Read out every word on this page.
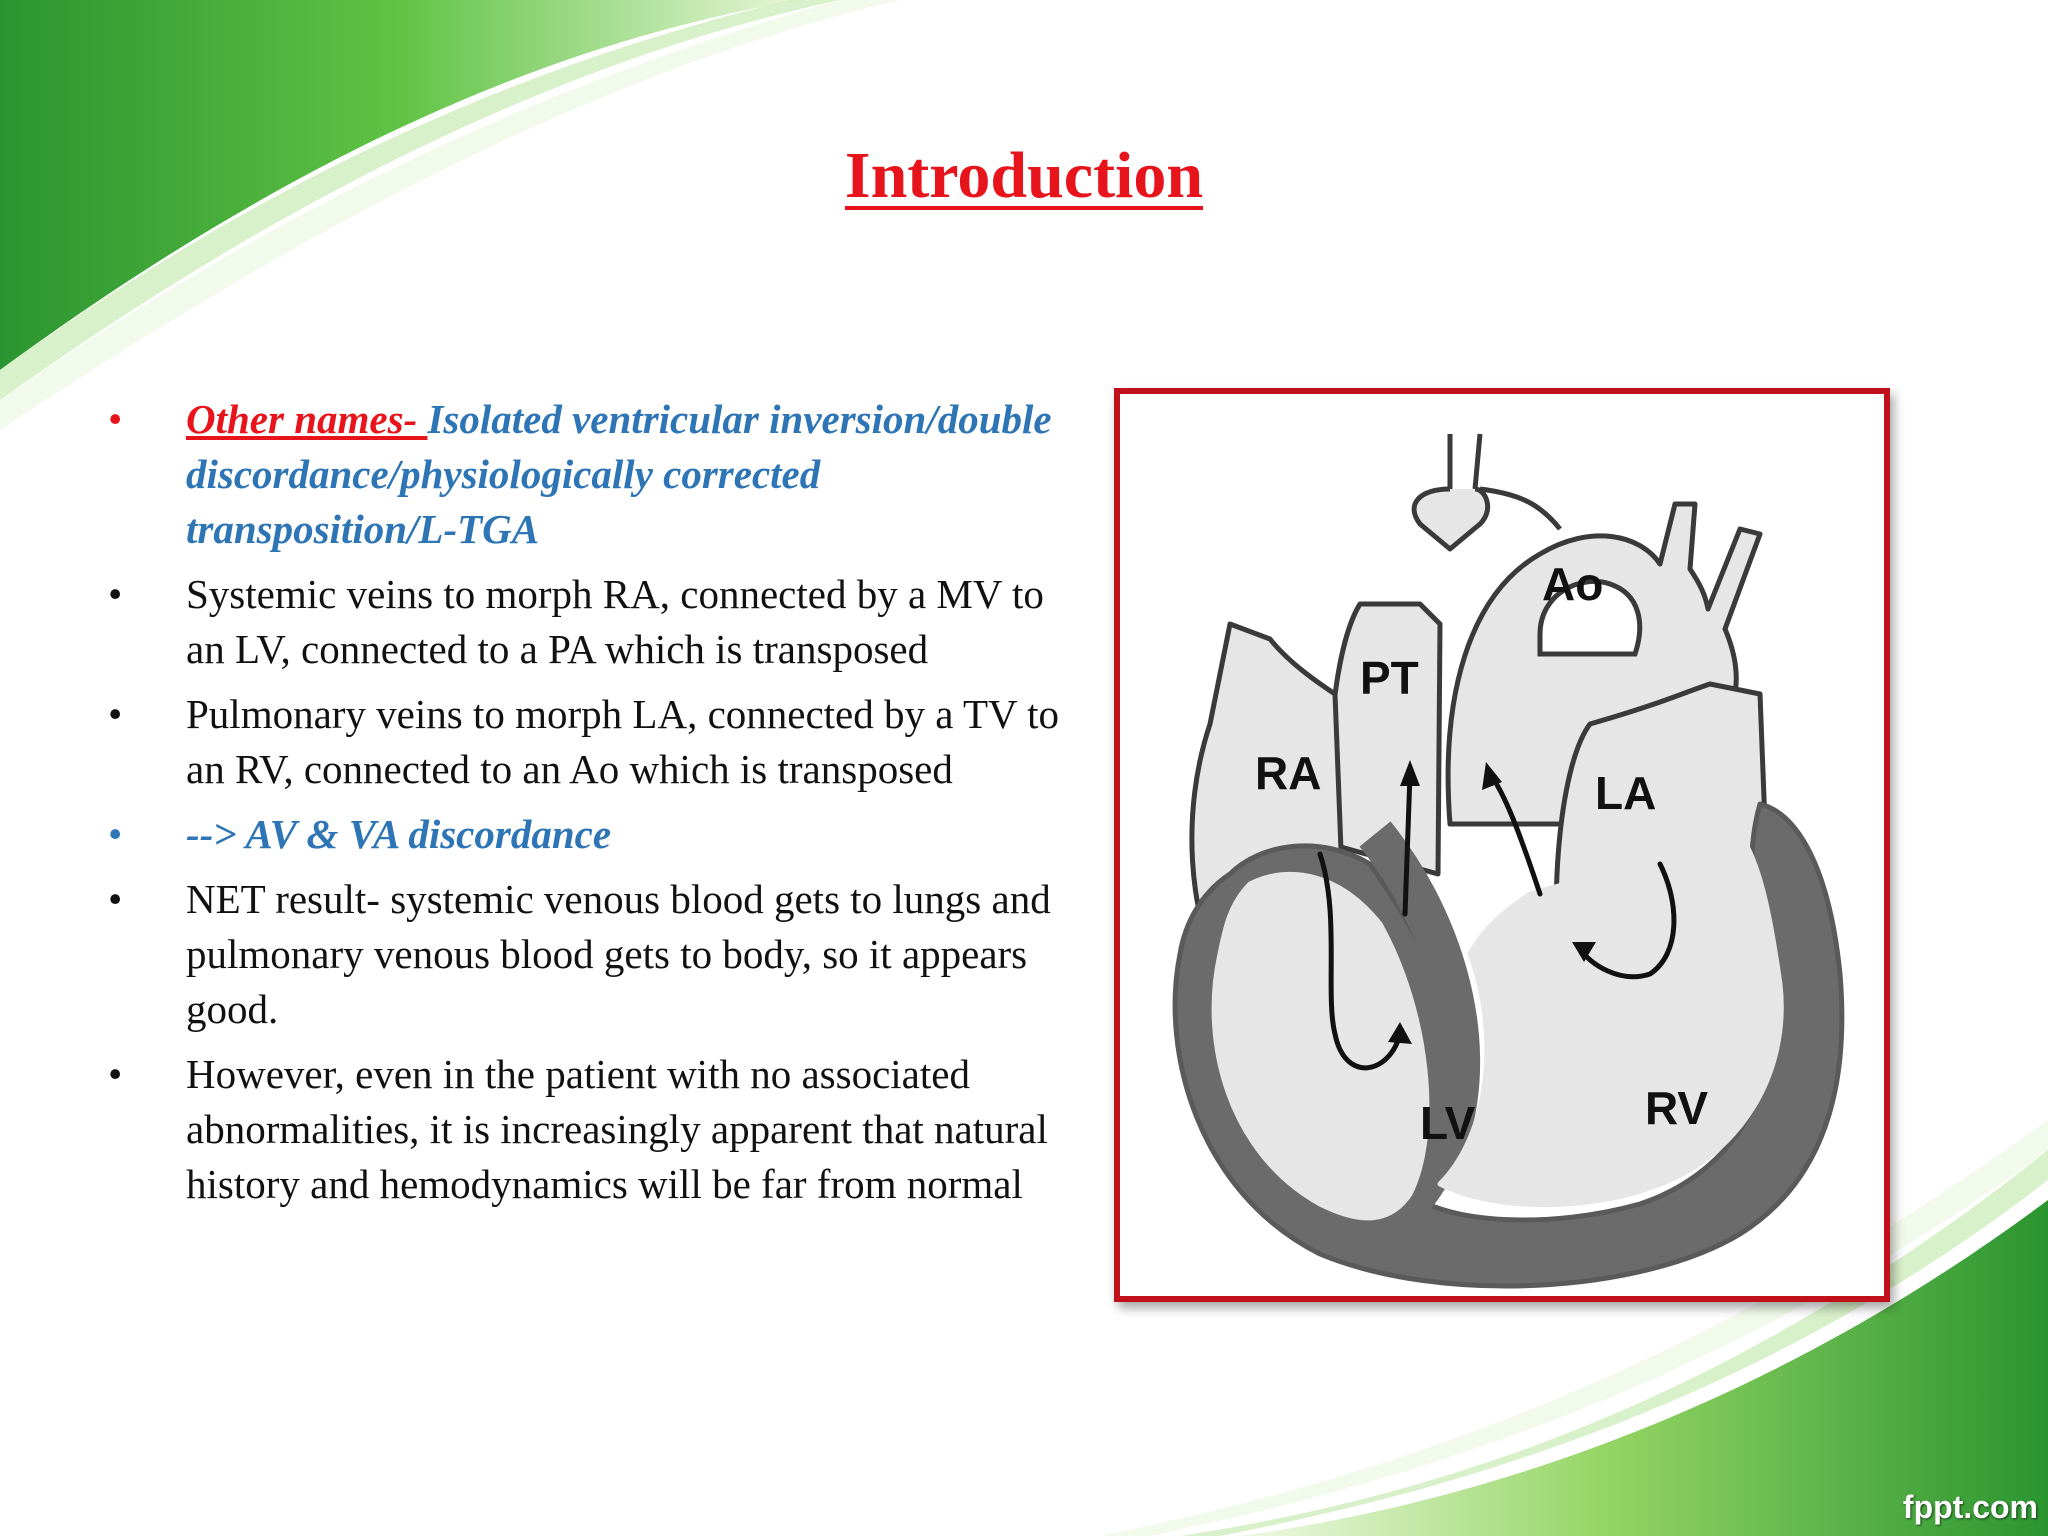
Introduction
•	Other names- Isolated ventricular inversion/double discordance/physiologically corrected transposition/L-TGA
•	Systemic veins to morph RA, connected by a MV to an LV, connected to a PA which is transposed
•	Pulmonary veins to morph LA, connected by a TV to an RV, connected to an Ao which is transposed
•	--> AV & VA discordance
•	NET result- systemic venous blood gets to lungs and pulmonary venous blood gets to body, so it appears good.
•	However, even in the patient with no associated abnormalities, it is increasingly apparent that natural history and hemodynamics will be far from normal
Ao
PT
RA	LA
LV	RV
fppt.com
